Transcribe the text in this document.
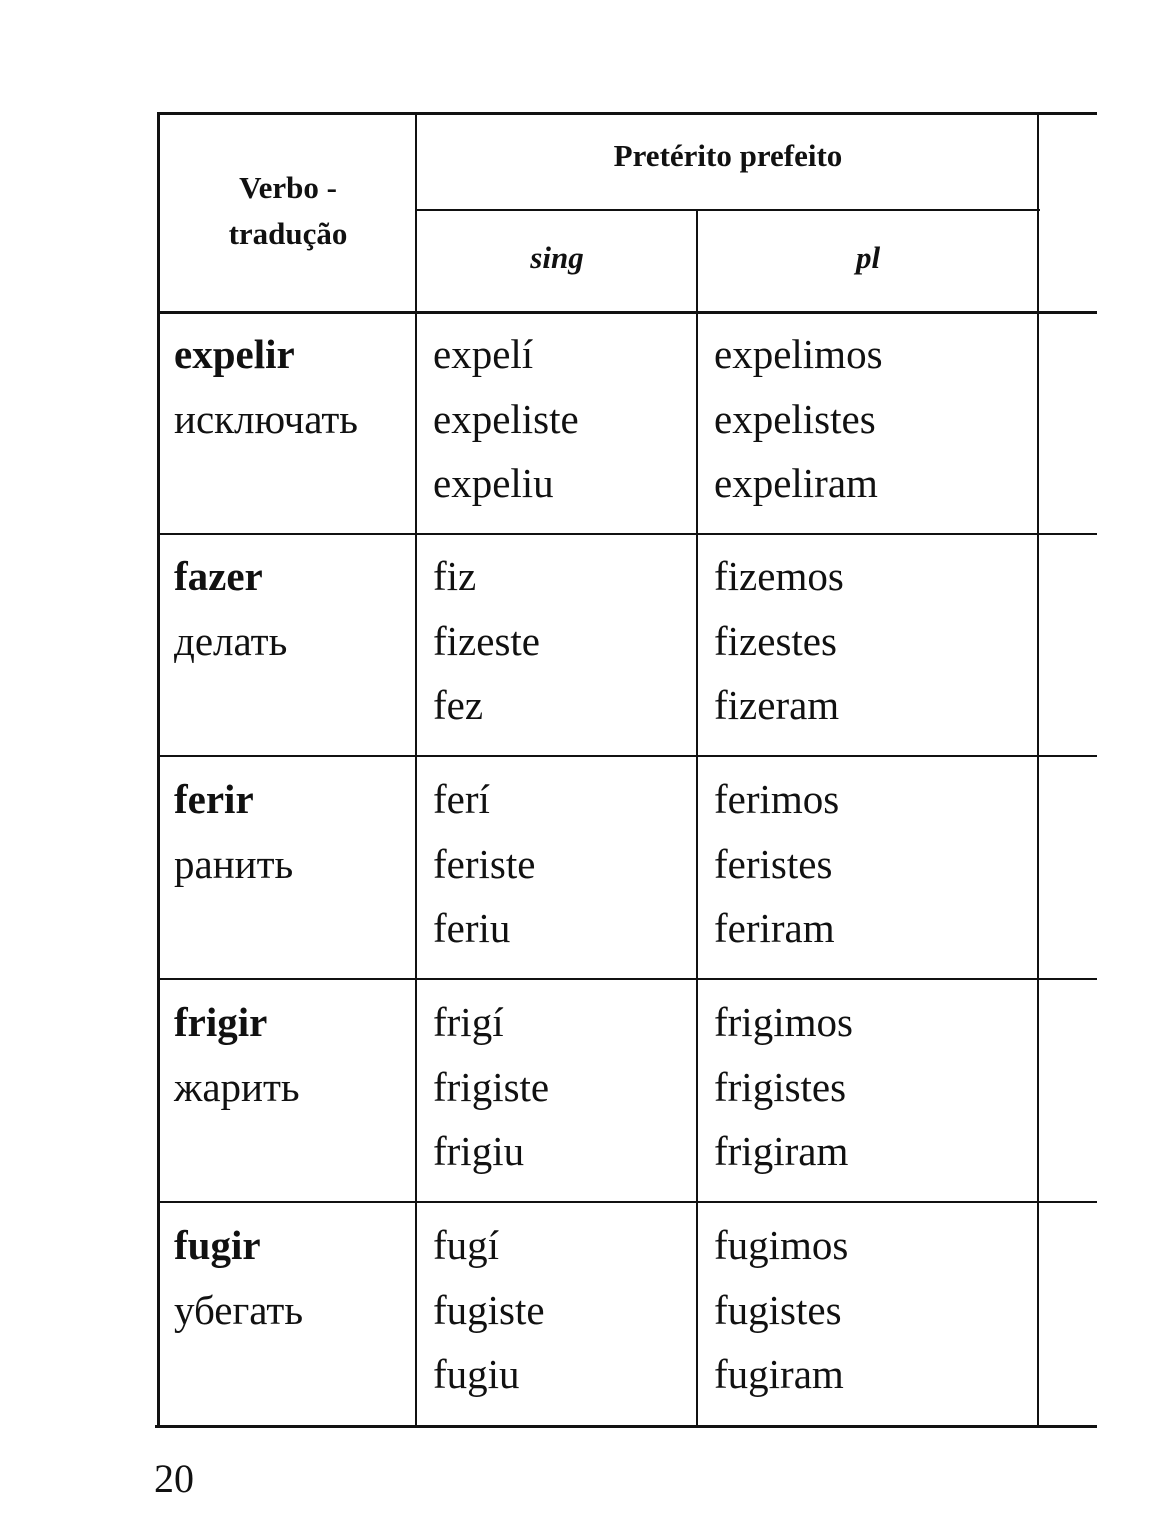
Verbo -
tradução
Pretérito prefeito
sing	pl
expelir
исключать
expelí
expeliste
expeliu
expelimos
expelistes
expeliram
fazer
делать
fiz
fizeste
fez
fizemos
fizestes
fizeram
ferir
ранить
ferí
feriste
feriu
ferimos
feristes
feriram
frigir
жарить
frigí
frigiste
frigiu
frigimos
frigistes
frigiram
fugir
убегать
fugí
fugiste
fugiu
fugimos
fugistes
fugiram
20
